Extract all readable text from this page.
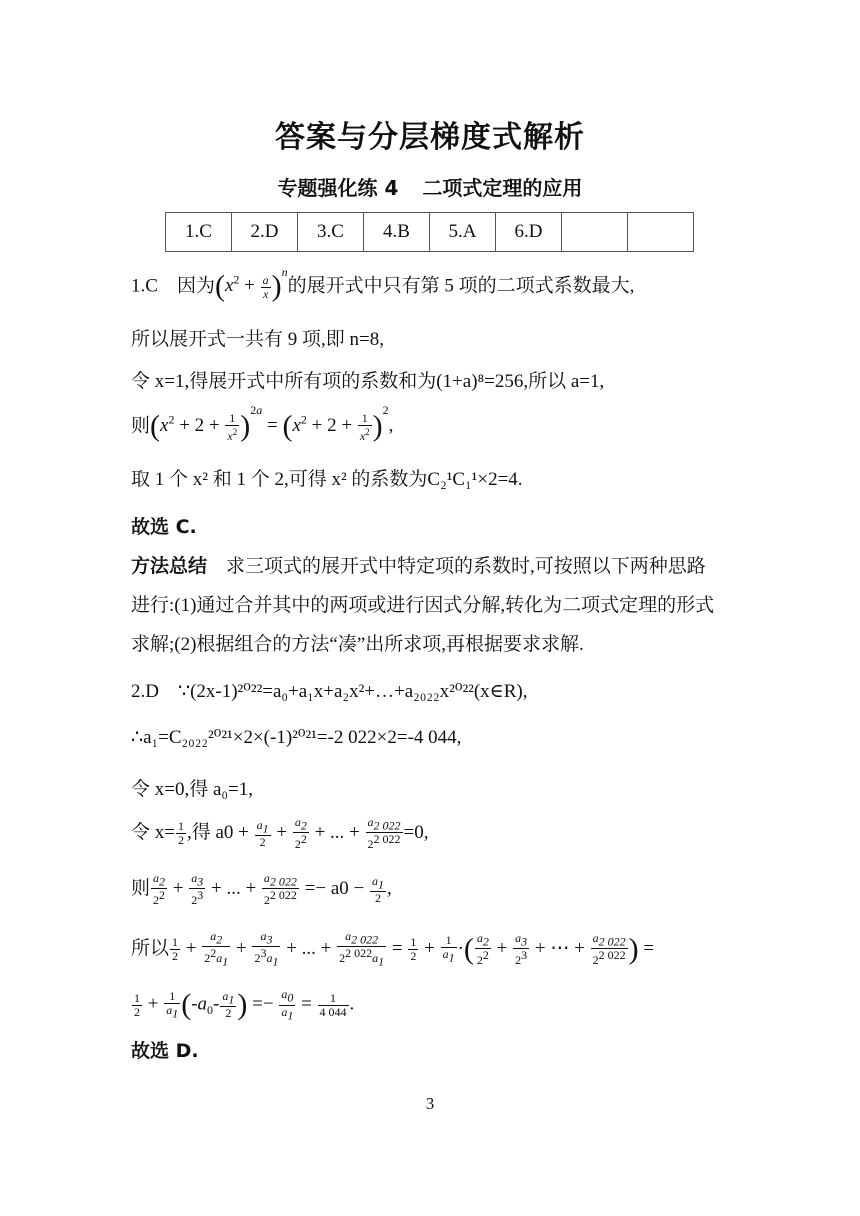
答案与分层梯度式解析
专题强化练 4 二项式定理的应用
1.C	2.D	3.C	4.B	5.A	6.D		
1.C 因为$(x^2 + \frac{a}{x} )^n$的展开式中只有第 5 项的二项式系数最大,
所以展开式一共有 9 项,即 n=8,
令 x=1,得展开式中所有项的系数和为(1+a)⁸=256,所以 a=1,
则$(x^2 + 2 + \frac{1}{x^2} )^{2a} = (x^2 + 2 + \frac{1}{x^2} )^2$,
取 1 个 x² 和 1 个 2,可得 x² 的系数为C₂¹C₁¹×2=4.
故选 C.
方法总结 求三项式的展开式中特定项的系数时,可按照以下两种思路进行:(1)通过合并其中的两项或进行因式分解,转化为二项式定理的形式求解;(2)根据组合的方法“凑”出所求项,再根据要求求解.
2.D ∵(2x-1)²⁰²²=a₀+a₁x+a₂x²+…+a₂₀₂₂x²⁰²²(x∈R),
∴a₁=C₂₀₂₂²⁰²¹×2×(-1)²⁰²¹=-2 022×2=-4 044,
令 x=0,得 a₀=1,
令 $x= \frac{1}{2}$ ,得 $a0 + \frac{a_1}{2} + \frac{a_2}{2^2}$ + ... + $\frac{a_{2 022}}{2^{2 022}} =0$,
则 $\frac{a_2}{2^2} + \frac{a_3}{2^3}$ + ... + $\frac{a_{2 022}}{2^{2 022}} =- a0 - \frac{a_1}{2}$ ,
所以 $\frac{1}{2} + \frac{a_2}{2^2a_1} + \frac{a_3}{2^3a_1}$ + ... + $\frac{a_{2 022}}{2^{2 022}a_1} = \frac{1}{2} + \frac{1}{a_1}$ ·( $\frac{a_2}{2^2} + \frac{a_3}{2^3}$ + ⋯ + $\frac{a_{2 022}}{2^{2 022}}$ ) =
$\frac{1}{2} + \frac{1}{a_1} (-a_0- \frac{a_1}{2}$ ) =− $\frac{a_0}{a_1} = \frac{1}{4 044}$ .
故选 D.
3
